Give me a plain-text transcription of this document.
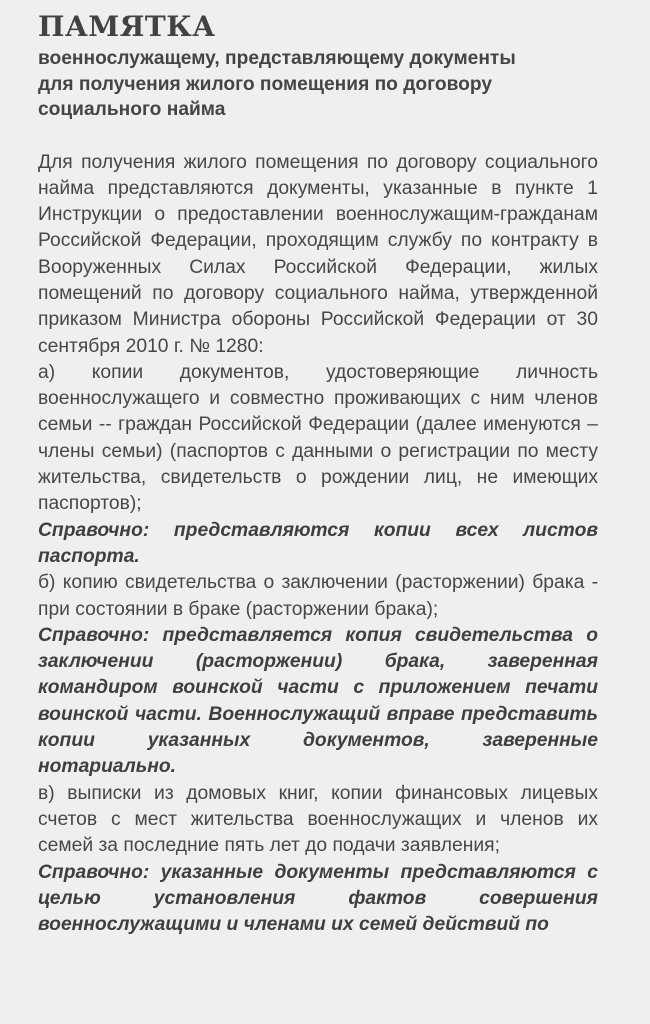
ПАМЯТКА
военнослужащему, представляющему документы
для получения жилого помещения по договору
социального найма

Для получения жилого помещения по договору социального найма представляются документы, указанные в пункте 1 Инструкции о предоставлении военнослужащим-гражданам Российской Федерации, проходящим службу по контракту в Вооруженных Силах Российской Федерации, жилых помещений по договору социального найма, утвержденной приказом Министра обороны Российской Федерации от 30 сентября 2010 г. № 1280:

а) копии документов, удостоверяющие личность военнослужащего и совместно проживающих с ним членов семьи -- граждан Российской Федерации (далее именуются – члены семьи) (паспортов с данными о регистрации по месту жительства, свидетельств о рождении лиц, не имеющих паспортов);

Справочно: представляются копии всех листов паспорта.

б) копию свидетельства о заключении (расторжении) брака - при состоянии в браке (расторжении брака);

Справочно: представляется копия свидетельства о заключении (расторжении) брака, заверенная командиром воинской части с приложением печати воинской части. Военнослужащий вправе представить копии указанных документов, заверенные нотариально.

в) выписки из домовых книг, копии финансовых лицевых счетов с мест жительства военнослужащих и членов их семей за последние пять лет до подачи заявления;

Справочно: указанные документы представляются с целью установления фактов совершения военнослужащими и членами их семей действий по
